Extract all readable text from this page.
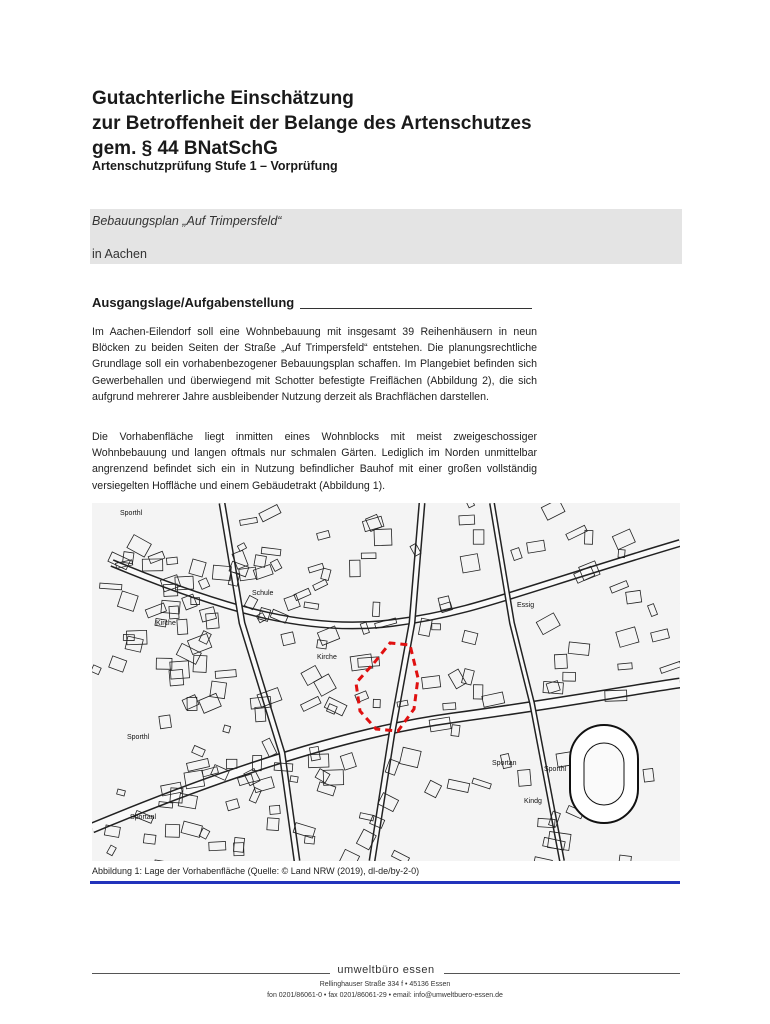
Gutachterliche Einschätzung
zur Betroffenheit der Belange des Artenschutzes
gem. § 44 BNatSchG
Artenschutzprüfung Stufe 1 – Vorprüfung
Bebauungsplan „Auf Trimpersfeld“
in Aachen
Ausgangslage/Aufgabenstellung

Im Aachen-Eilendorf soll eine Wohnbebauung mit insgesamt 39 Reihenhäusern in neun Blöcken zu beiden Seiten der Straße „Auf Trimpersfeld“ entstehen. Die planungsrechtliche Grundlage soll ein vorhabenbezogener Bebauungsplan schaffen. Im Plangebiet befinden sich Gewerbehallen und überwiegend mit Schotter befestigte Freiflächen (Abbildung 2), die sich aufgrund mehrerer Jahre ausbleibender Nutzung derzeit als Brachflächen darstellen.

Die Vorhabenfläche liegt inmitten eines Wohnblocks mit meist zweigeschossiger Wohnbebauung und langen oftmals nur schmalen Gärten. Lediglich im Norden unmittelbar angrenzend befindet sich ein in Nutzung befindlicher Bauhof mit einer großen vollständig versiegelten Hoffläche und einem Gebäudetrakt (Abbildung 1).

Sporthl
Schule
Kirche
Kirche
Essig
Sporthl
Sportanl
Sportan
Sporthl
Kindg
Abbildung 1: Lage der Vorhabenfläche (Quelle: © Land NRW (2019), dl-de/by-2-0)
umweltbüro essen
Rellinghauser Straße 334 f • 45136 Essen
fon 0201/86061-0 • fax 0201/86061-29 • email: info@umweltbuero-essen.de
